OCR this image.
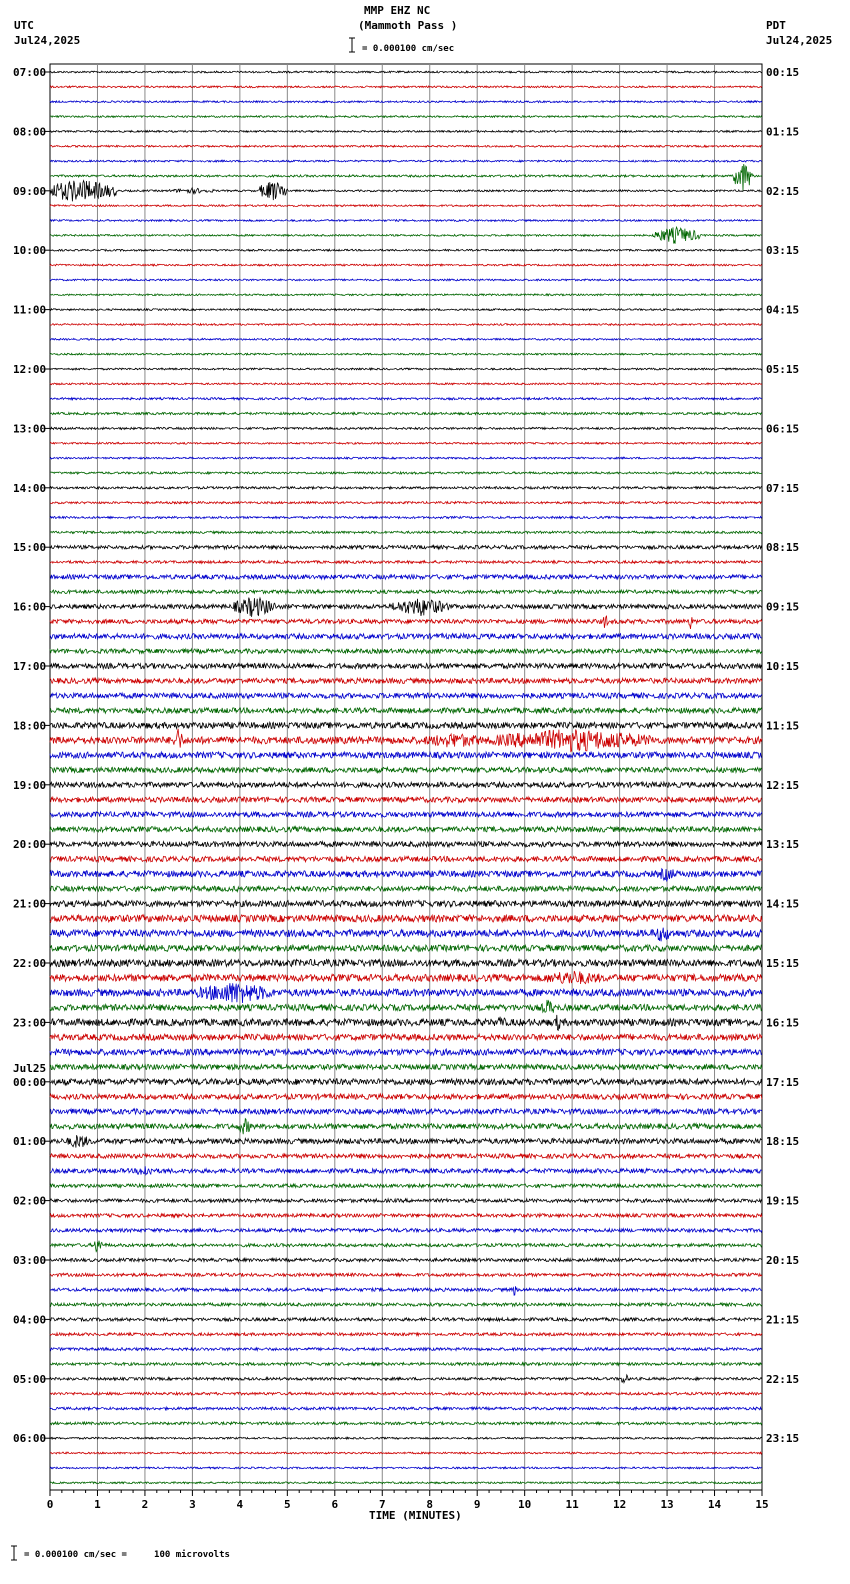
MMP EHZ NC
(Mammoth Pass )
= 0.000100 cm/sec
UTC
Jul24,2025
PDT
Jul24,2025
TIME (MINUTES)
= 0.000100 cm/sec =     100 microvolts
0	1	2	3	4	5	6	7	8	9	10	11	12	13	14	15
07:00	00:15
08:00	01:15
09:00	02:15
10:00	03:15
11:00	04:15
12:00	05:15
13:00	06:15
14:00	07:15
15:00	08:15
16:00	09:15
17:00	10:15
18:00	11:15
19:00	12:15
20:00	13:15
21:00	14:15
22:00	15:15
23:00	16:15
00:00	17:15
01:00	18:15
02:00	19:15
03:00	20:15
04:00	21:15
05:00	22:15
06:00	23:15
Jul25
